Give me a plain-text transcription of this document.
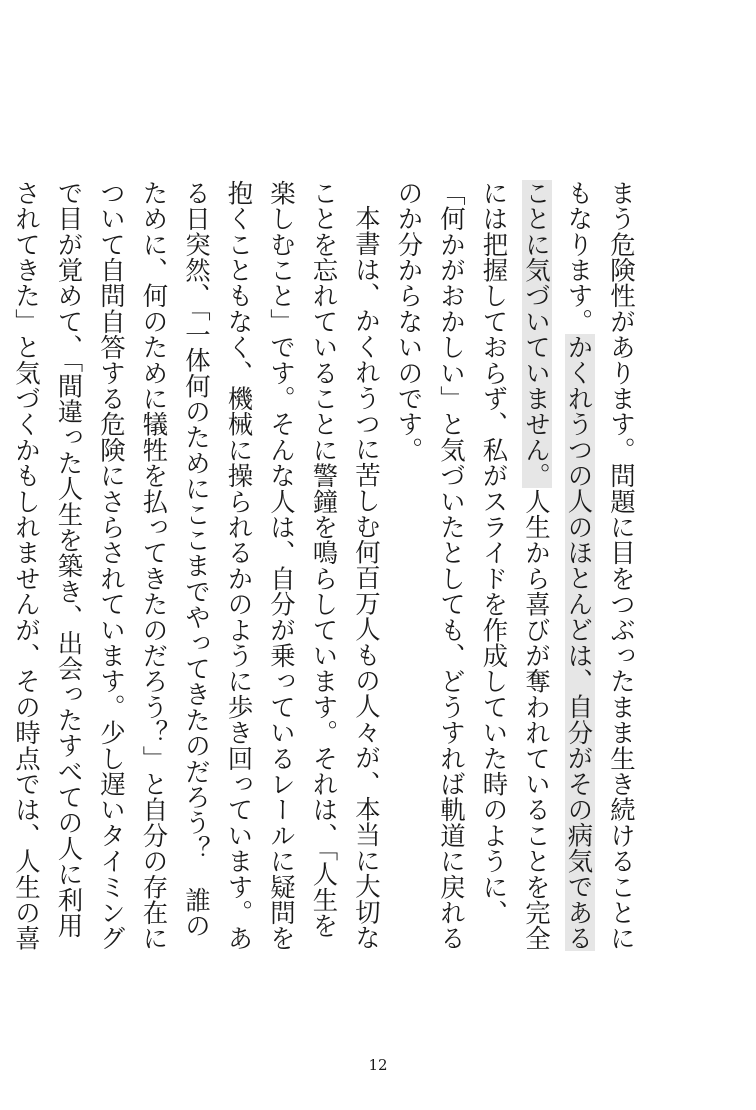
まう危険性があります。問題に目をつぶったまま生き続けることにもなります。かくれうつの人のほとんどは、自分がその病気であることに気づいていません。人生から喜びが奪われていることを完全には把握しておらず、私がスライドを作成していた時のように、「何かがおかしい」と気づいたとしても、どうすれば軌道に戻れるのか分からないのです。

本書は、かくれうつに苦しむ何百万人もの人々が、本当に大切なことを忘れていることに警鐘を鳴らしています。それは、「人生を楽しむこと」です。そんな人は、自分が乗っているレールに疑問を抱くこともなく、機械に操られるかのように歩き回っています。ある日突然、「一体何のためにここまでやってきたのだろう？　誰のために、何のために犠牲を払ってきたのだろう？」と自分の存在について自問自答する危険にさらされています。少し遅いタイミングで目が覚めて、「間違った人生を築き、出会ったすべての人に利用されてきた」と気づくかもしれませんが、その時点では、人生の喜

12
